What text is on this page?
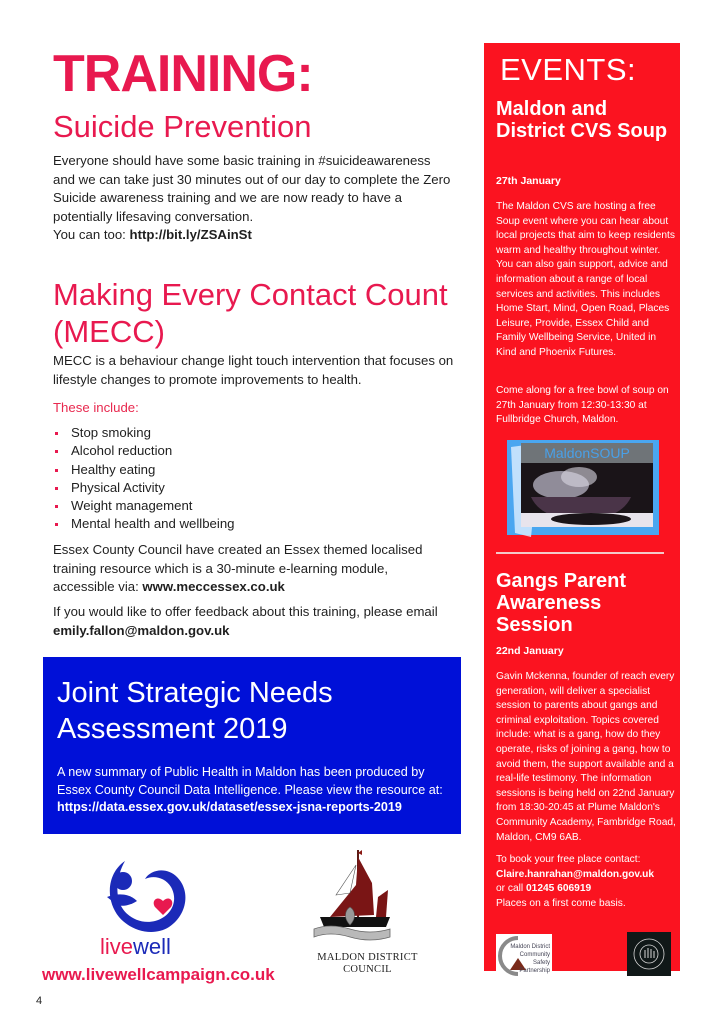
TRAINING:
Suicide Prevention
Everyone should have some basic training in #suicideawareness and we can take just 30 minutes out of our day to complete the Zero Suicide awareness training and we are now ready to have a potentially lifesaving conversation.
You can too: http://bit.ly/ZSAinSt
Making Every Contact Count (MECC)
MECC is a behaviour change light touch intervention that focuses on lifestyle changes to promote improvements to health.
These include:
Stop smoking
Alcohol reduction
Healthy eating
Physical Activity
Weight management
Mental health and wellbeing
Essex County Council have created an Essex themed localised training resource which is a 30-minute e-learning module, accessible via: www.meccessex.co.uk
If you would like to offer feedback about this training, please email emily.fallon@maldon.gov.uk
Joint Strategic Needs Assessment 2019
A new summary of Public Health in Maldon has been produced by Essex County Council Data Intelligence. Please view the resource at: https://data.essex.gov.uk/dataset/essex-jsna-reports-2019
livewell
www.livewellcampaign.co.uk
MALDON DISTRICT
COUNCIL
4
EVENTS:
Maldon and District CVS Soup
27th January
The Maldon CVS are hosting a free Soup event where you can hear about local projects that aim to keep residents warm and healthy throughout winter. You can also gain support, advice and information about a range of local services and activities. This includes Home Start, Mind, Open Road, Places Leisure, Provide, Essex Child and Family Wellbeing Service, United in Kind and Phoenix Futures.
Come along for a free bowl of soup on 27th January from 12:30-13:30 at Fullbridge Church, Maldon.
MaldonSOUP
Gangs Parent Awareness Session
22nd January
Gavin Mckenna, founder of reach every generation, will deliver a specialist session to parents about gangs and criminal exploitation. Topics covered include: what is a gang, how do they operate, risks of joining a gang, how to avoid them, the support available and a real-life testimony. The information sessions is being held on 22nd January from 18:30-20:45 at Plume Maldon's Community Academy, Fambridge Road, Maldon, CM9 6AB.
To book your free place contact:
Claire.hanrahan@maldon.gov.uk
or call 01245 606919
Places on a first come basis.
Maldon District
Community
Safety
Partnership
